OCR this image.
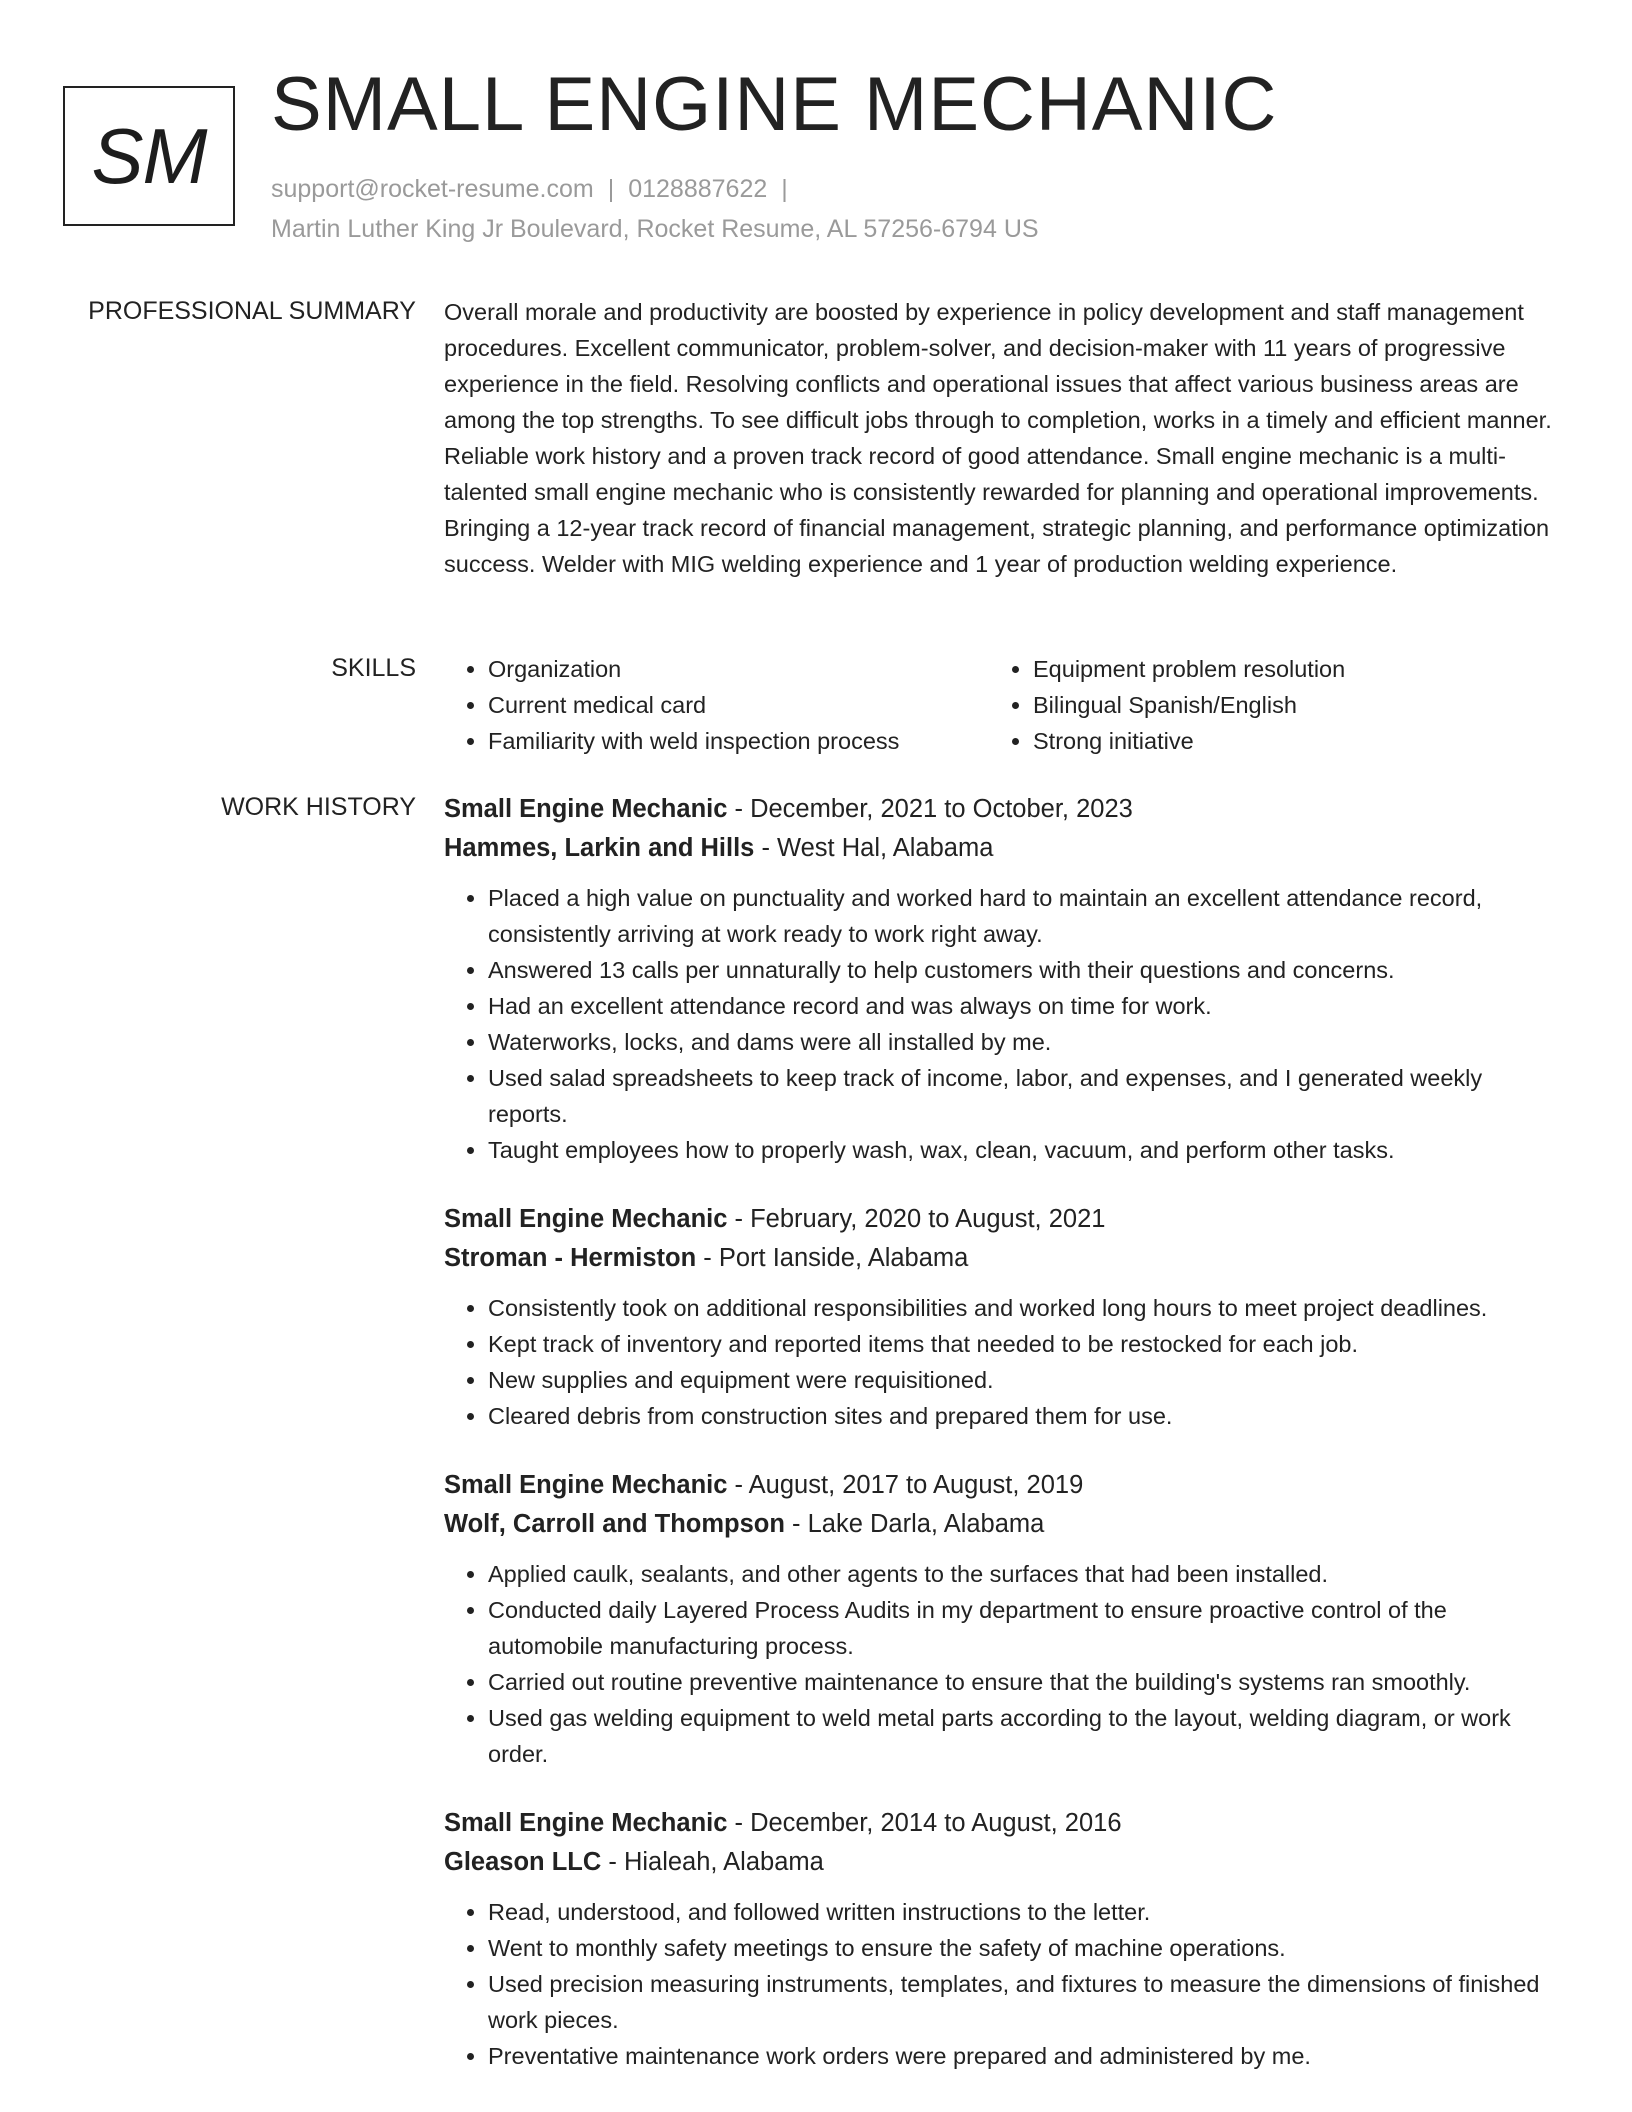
SM
SMALL ENGINE MECHANIC
support@rocket-resume.com | 0128887622 |
Martin Luther King Jr Boulevard, Rocket Resume, AL 57256-6794 US
PROFESSIONAL SUMMARY Overall morale and productivity are boosted by experience in policy development and staff management procedures. Excellent communicator, problem-solver, and decision-maker with 11 years of progressive experience in the field. Resolving conflicts and operational issues that affect various business areas are among the top strengths. To see difficult jobs through to completion, works in a timely and efficient manner. Reliable work history and a proven track record of good attendance. Small engine mechanic is a multi-talented small engine mechanic who is consistently rewarded for planning and operational improvements. Bringing a 12-year track record of financial management, strategic planning, and performance optimization success. Welder with MIG welding experience and 1 year of production welding experience.

SKILLS
•	Organization
• Current medical card
• Familiarity with weld inspection process
• Equipment problem resolution
• Bilingual Spanish/English
• Strong initiative
WORK HISTORY Small Engine Mechanic - December, 2021 to October, 2023
Hammes, Larkin and Hills - West Hal, Alabama
• Placed a high value on punctuality and worked hard to maintain an excellent attendance record, consistently arriving at work ready to work right away.
• Answered 13 calls per unnaturally to help customers with their questions and concerns.
• Had an excellent attendance record and was always on time for work.
• Waterworks, locks, and dams were all installed by me.
• Used salad spreadsheets to keep track of income, labor, and expenses, and I generated weekly reports.
• Taught employees how to properly wash, wax, clean, vacuum, and perform other tasks.
Small Engine Mechanic - February, 2020 to August, 2021
Stroman - Hermiston - Port Ianside, Alabama
• Consistently took on additional responsibilities and worked long hours to meet project deadlines.
• Kept track of inventory and reported items that needed to be restocked for each job.
• New supplies and equipment were requisitioned.
• Cleared debris from construction sites and prepared them for use.
Small Engine Mechanic - August, 2017 to August, 2019
Wolf, Carroll and Thompson - Lake Darla, Alabama
• Applied caulk, sealants, and other agents to the surfaces that had been installed.
• Conducted daily Layered Process Audits in my department to ensure proactive control of the automobile manufacturing process.
• Carried out routine preventive maintenance to ensure that the building's systems ran smoothly.
• Used gas welding equipment to weld metal parts according to the layout, welding diagram, or work order.
Small Engine Mechanic - December, 2014 to August, 2016
Gleason LLC - Hialeah, Alabama
• Read, understood, and followed written instructions to the letter.
• Went to monthly safety meetings to ensure the safety of machine operations.
• Used precision measuring instruments, templates, and fixtures to measure the dimensions of finished work pieces.
• Preventative maintenance work orders were prepared and administered by me.
